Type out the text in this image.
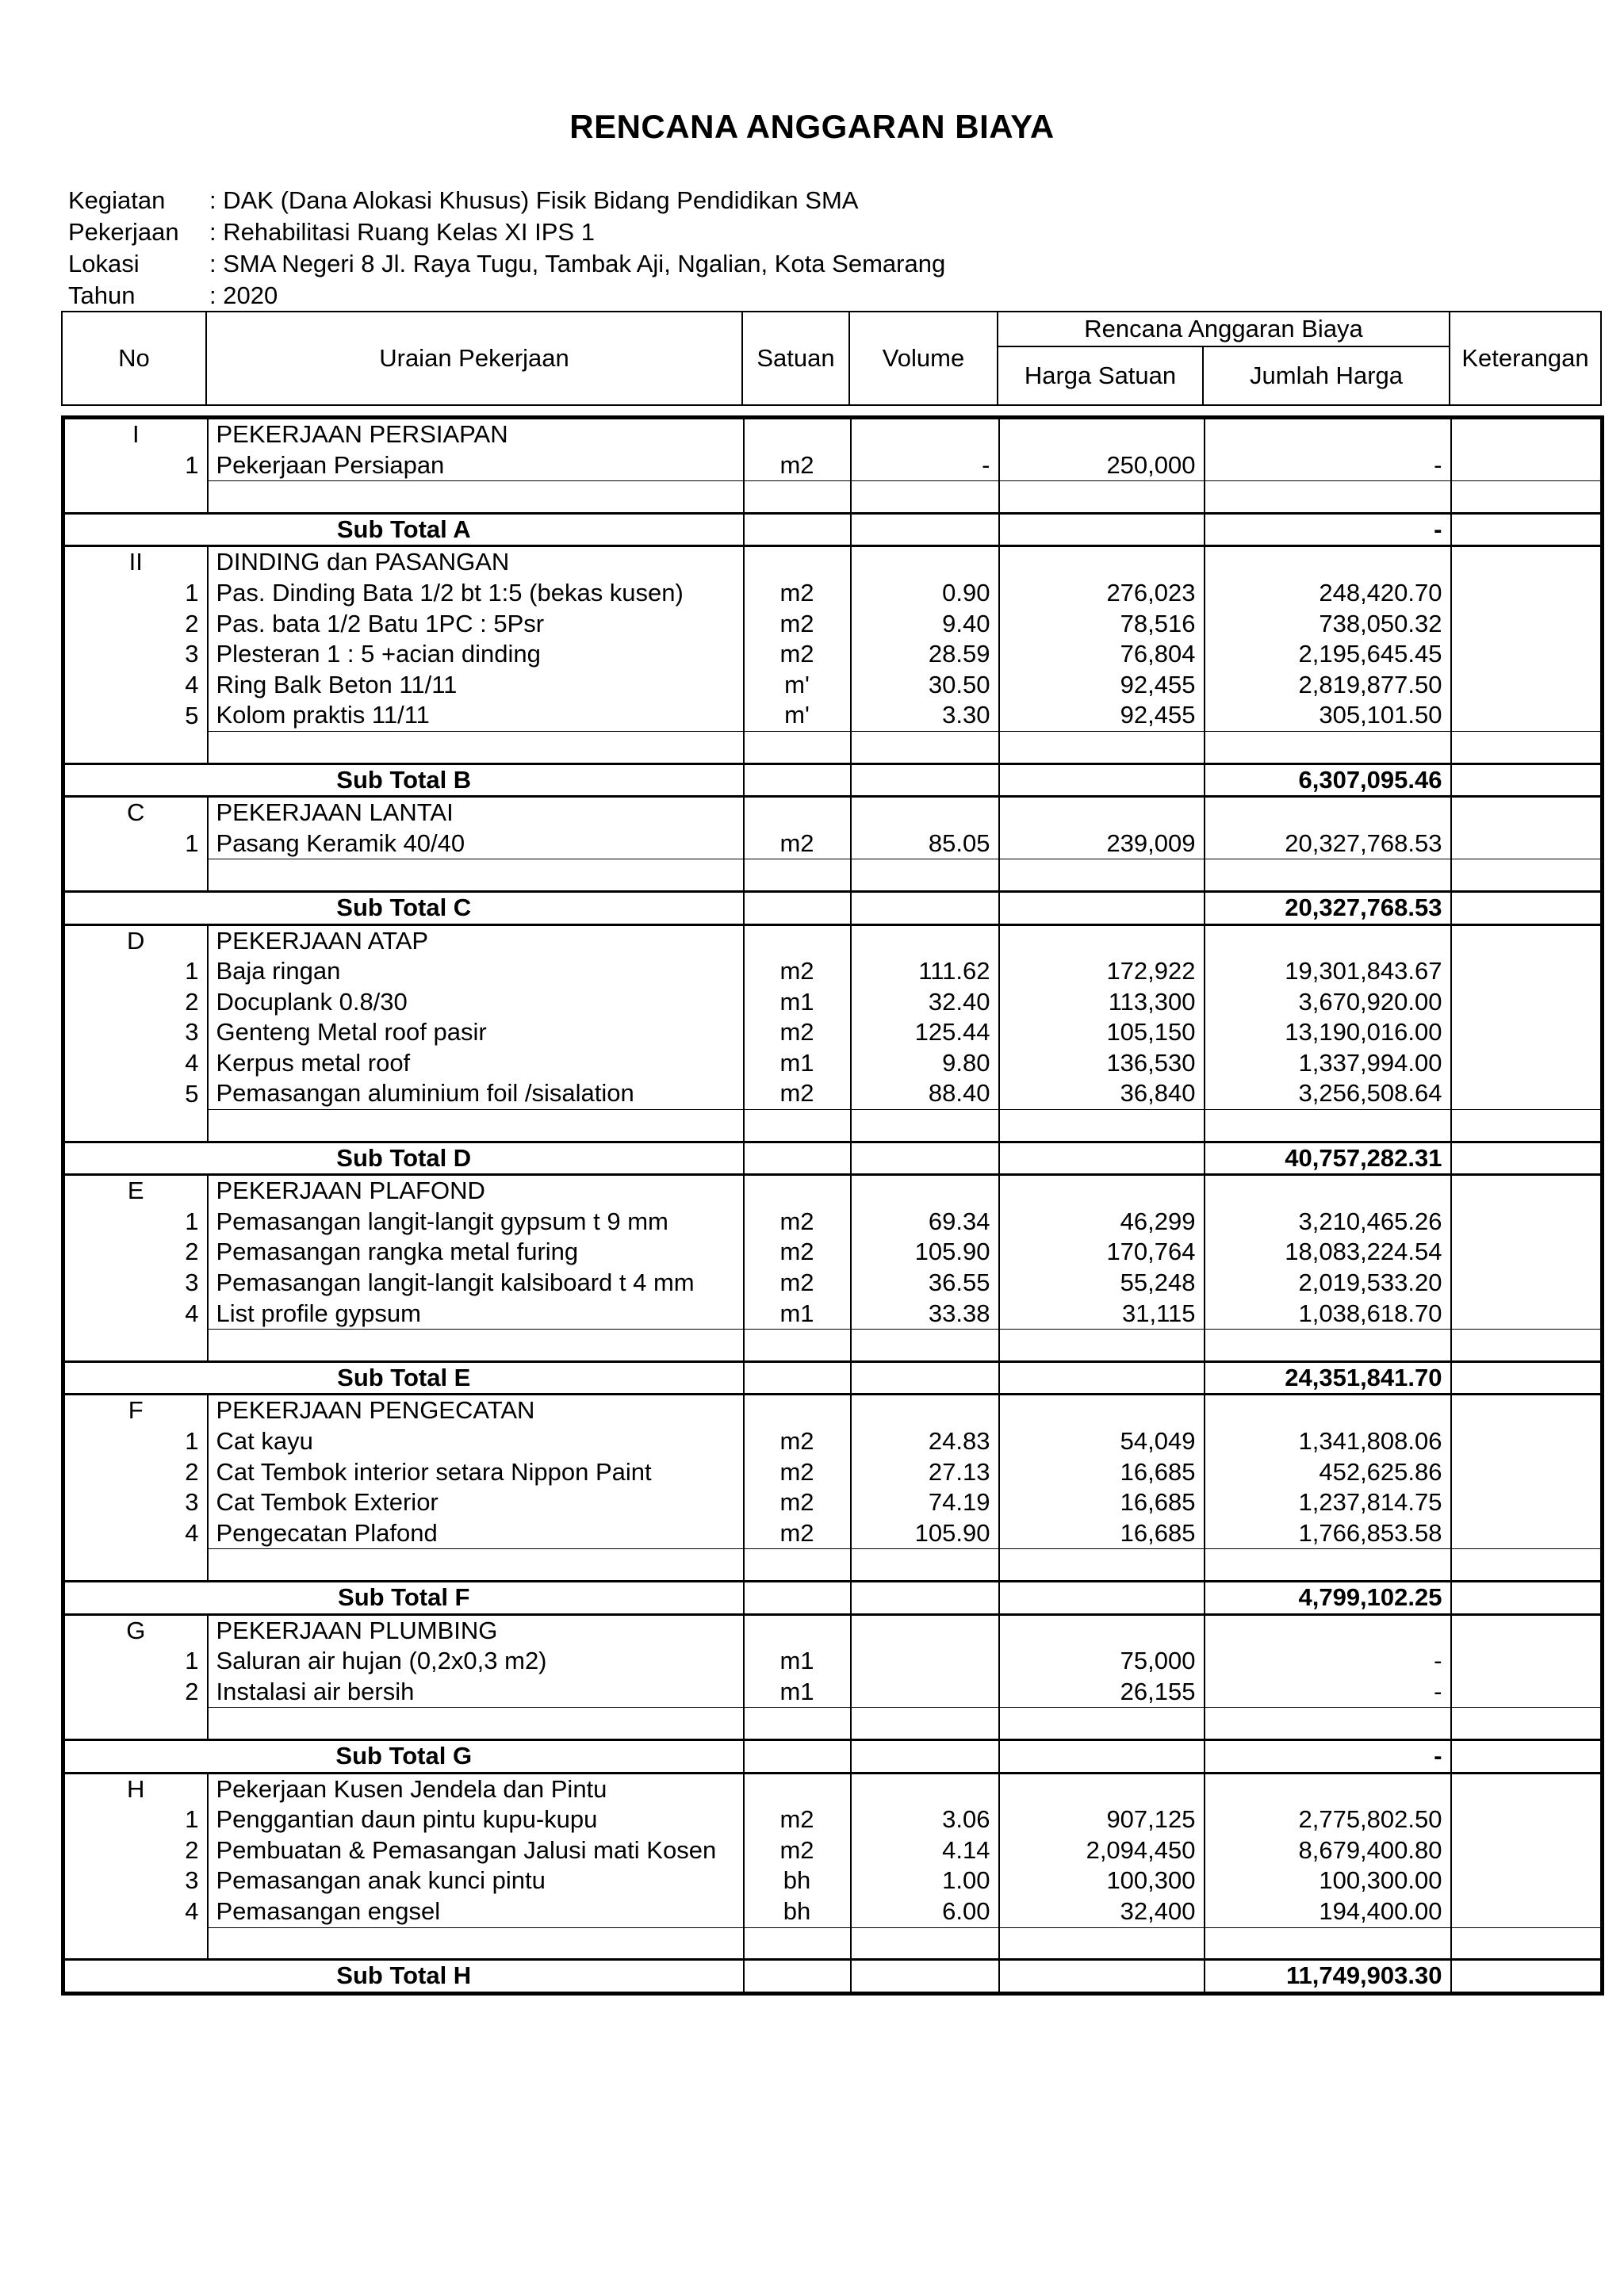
RENCANA ANGGARAN BIAYA
Kegiatan : DAK (Dana Alokasi Khusus) Fisik Bidang Pendidikan SMA
Pekerjaan : Rehabilitasi Ruang Kelas XI IPS 1
Lokasi	: SMA Negeri 8 Jl. Raya Tugu, Tambak Aji, Ngalian, Kota Semarang
Tahun	: 2020
No	Uraian Pekerjaan	Satuan	Volume	Rencana Anggaran Biaya		Keterangan
				Harga Satuan	Jumlah Harga	
I	PEKERJAAN PERSIAPAN					
1	Pekerjaan Persiapan	m2	-	250,000	-	

Sub Total A					-	
II	DINDING dan PASANGAN					
1	Pas. Dinding Bata 1/2 bt 1:5 (bekas kusen)	m2	0.90	276,023	248,420.70	
2	Pas. bata 1/2 Batu 1PC : 5Psr	m2	9.40	78,516	738,050.32	
3	Plesteran 1 : 5 +acian dinding	m2	28.59	76,804	2,195,645.45	
4	Ring Balk Beton 11/11	m'	30.50	92,455	2,819,877.50	
5	Kolom praktis 11/11	m'	3.30	92,455	305,101.50	

Sub Total B					6,307,095.46	
C	PEKERJAAN LANTAI					
1	Pasang Keramik 40/40	m2	85.05	239,009	20,327,768.53	

Sub Total C					20,327,768.53	
D	PEKERJAAN ATAP					
1	Baja ringan	m2	111.62	172,922	19,301,843.67	
2	Docuplank 0.8/30	m1	32.40	113,300	3,670,920.00	
3	Genteng Metal roof pasir	m2	125.44	105,150	13,190,016.00	
4	Kerpus metal roof	m1	9.80	136,530	1,337,994.00	
5	Pemasangan aluminium foil /sisalation	m2	88.40	36,840	3,256,508.64	

Sub Total D					40,757,282.31	
E	PEKERJAAN PLAFOND					
1	Pemasangan langit-langit gypsum t 9 mm	m2	69.34	46,299	3,210,465.26	
2	Pemasangan rangka metal furing	m2	105.90	170,764	18,083,224.54	
3	Pemasangan langit-langit kalsiboard t 4 mm	m2	36.55	55,248	2,019,533.20	
4	List profile gypsum	m1	33.38	31,115	1,038,618.70	

Sub Total E					24,351,841.70	
F	PEKERJAAN PENGECATAN					
1	Cat kayu	m2	24.83	54,049	1,341,808.06	
2	Cat Tembok interior setara Nippon Paint	m2	27.13	16,685	452,625.86	
3	Cat Tembok Exterior	m2	74.19	16,685	1,237,814.75	
4	Pengecatan Plafond	m2	105.90	16,685	1,766,853.58	

Sub Total F					4,799,102.25	
G	PEKERJAAN PLUMBING					
1	Saluran air hujan (0,2x0,3 m2)	m1		75,000	-	
2	Instalasi air bersih	m1		26,155	-	

Sub Total G					-	
H	Pekerjaan Kusen Jendela dan Pintu					
1	Penggantian daun pintu kupu-kupu	m2	3.06	907,125	2,775,802.50	
2	Pembuatan & Pemasangan Jalusi mati Kosen	m2	4.14	2,094,450	8,679,400.80	
3	Pemasangan anak kunci pintu	bh	1.00	100,300	100,300.00	
4	Pemasangan engsel	bh	6.00	32,400	194,400.00	

Sub Total H					11,749,903.30	
